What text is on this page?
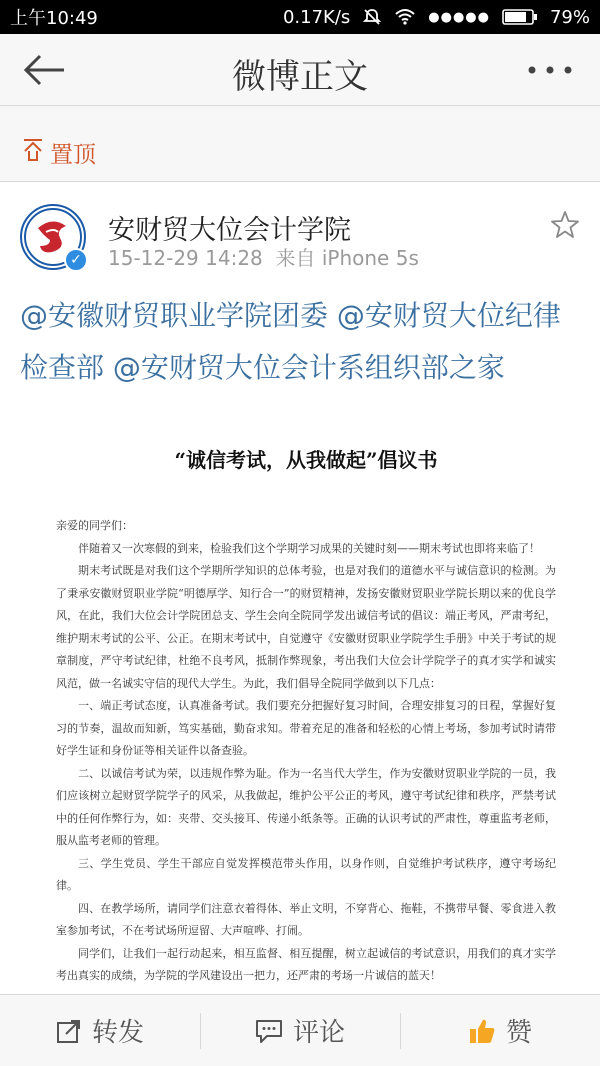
上午10:49	0.17K/s	●●●●●	79%
微博正文
置顶
✓
安财贸大位会计学院
15-12-29 14:28 来自 iPhone 5s
@安徽财贸职业学院团委 @安财贸大位纪律检查部 @安财贸大位会计系组织部之家
“诚信考试，从我做起”倡议书

亲爱的同学们：

伴随着又一次寒假的到来，检验我们这个学期学习成果的关键时刻——期末考试也即将来临了！

期末考试既是对我们这个学期所学知识的总体考验，也是对我们的道德水平与诚信意识的检测。为了秉承安徽财贸职业学院“明德厚学、知行合一”的财贸精神，发扬安徽财贸职业学院长期以来的优良学风，在此，我们大位会计学院团总支、学生会向全院同学发出诚信考试的倡议：端正考风，严肃考纪，维护期末考试的公平、公正。在期末考试中，自觉遵守《安徽财贸职业学院学生手册》中关于考试的规章制度，严守考试纪律，杜绝不良考风，抵制作弊现象，考出我们大位会计学院学子的真才实学和诚实风范，做一名诚实守信的现代大学生。为此，我们倡导全院同学做到以下几点：

一、端正考试态度，认真准备考试。我们要充分把握好复习时间，合理安排复习的日程，掌握好复习的节奏，温故而知新，笃实基础，勤奋求知。带着充足的准备和轻松的心情上考场，参加考试时请带好学生证和身份证等相关证件以备查验。

二、以诚信考试为荣，以违规作弊为耻。作为一名当代大学生，作为安徽财贸职业学院的一员，我们应该树立起财贸学院学子的风采，从我做起，维护公平公正的考风，遵守考试纪律和秩序，严禁考试中的任何作弊行为，如：夹带、交头接耳、传递小纸条等。正确的认识考试的严肃性，尊重监考老师，服从监考老师的管理。

三、学生党员、学生干部应自觉发挥模范带头作用，以身作则，自觉维护考试秩序，遵守考场纪律。

四、在教学场所，请同学们注意衣着得体、举止文明，不穿背心、拖鞋，不携带早餐、零食进入教室参加考试，不在考试场所逗留、大声喧哗、打闹。

同学们，让我们一起行动起来，相互监督、相互提醒，树立起诚信的考试意识，用我们的真才实学考出真实的成绩，为学院的学风建设出一把力，还严肃的考场一片诚信的蓝天！

转发	评论	赞
